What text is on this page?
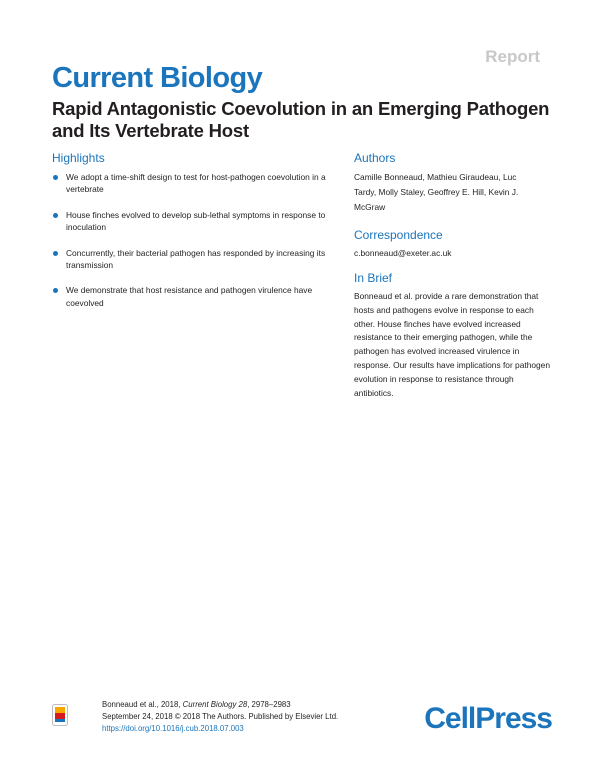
Report
Current Biology
Rapid Antagonistic Coevolution in an Emerging Pathogen and Its Vertebrate Host
Highlights
We adopt a time-shift design to test for host-pathogen coevolution in a vertebrate
House finches evolved to develop sub-lethal symptoms in response to inoculation
Concurrently, their bacterial pathogen has responded by increasing its transmission
We demonstrate that host resistance and pathogen virulence have coevolved
Authors
Camille Bonneaud, Mathieu Giraudeau, Luc Tardy, Molly Staley, Geoffrey E. Hill, Kevin J. McGraw
Correspondence
c.bonneaud@exeter.ac.uk
In Brief

Bonneaud et al. provide a rare demonstration that hosts and pathogens evolve in response to each other. House finches have evolved increased resistance to their emerging pathogen, while the pathogen has evolved increased virulence in response. Our results have implications for pathogen evolution in response to resistance through antibiotics.

Bonneaud et al., 2018, Current Biology 28, 2978–2983
September 24, 2018 © 2018 The Authors. Published by Elsevier Ltd.
https://doi.org/10.1016/j.cub.2018.07.003	CellPress
